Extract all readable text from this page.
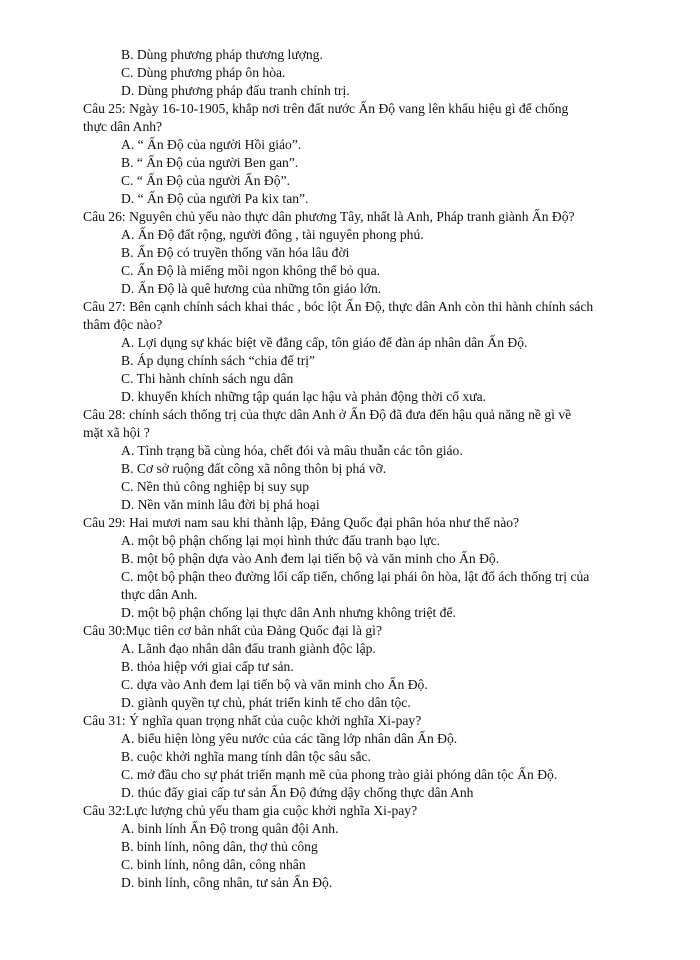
B. Dùng phương pháp thương lượng.
C. Dùng phương pháp ôn hòa.
D. Dùng phương pháp đấu tranh chính trị.
Câu 25: Ngày 16-10-1905, khắp nơi trên đất nước Ấn Độ vang lên khẩu hiệu gì để chống
thực dân Anh?
A. “ Ấn Độ của người Hồi giáo”.
B. “ Ấn Độ của người Ben gan”.
C. “ Ấn Độ của người Ấn Độ”.
D. “ Ấn Độ của người Pa kix tan”.
Câu 26: Nguyên chủ yếu nào thực dân phương Tây, nhất là Anh, Pháp tranh giành Ấn Độ?
A. Ấn Độ đất rộng, người đông , tài nguyên phong phú.
B. Ấn Độ có truyền thống văn hóa lâu đời
C. Ấn Độ là miếng mồi ngon không thể bỏ qua.
D. Ấn Độ là quê hương của những tôn giáo lớn.
Câu 27: Bên cạnh chính sách khai thác , bóc lột Ấn Độ, thực dân Anh còn thi hành chính sách
thâm độc nào?
A. Lợi dụng sự khác biệt về đẳng cấp, tôn giáo để đàn áp nhân dân Ấn Độ.
B. Áp dụng chính sách “chia để trị”
C. Thi hành chính sách ngu dân
D. khuyến khích những tập quán lạc hậu và phản động thời cổ xưa.
Câu 28: chính sách thống trị của thực dân Anh ở Ấn Độ đã đưa đến hậu quả năng nề gì về
mặt xã hội ?
A. Tình trạng bầ cùng hóa, chết đói và mâu thuẫn các tôn giáo.
B. Cơ sở ruộng đất công xã nông thôn bị phá vỡ.
C. Nền thủ công nghiệp bị suy sụp
D. Nền văn minh lâu đời bị phá hoại
Câu 29: Hai mươi nam sau khi thành lập, Đảng Quốc đại phân hóa như thế nào?
A. một bộ phận chống lại mọi hình thức đấu tranh bạo lực.
B. một bộ phận dựa vào Anh đem lại tiến bộ và văn minh cho Ấn Độ.
C. một bộ phận theo đường lối cấp tiến, chống lại phái ôn hòa, lật đổ ách thống trị của
thực dân Anh.
D. một bộ phận chống lại thực dân Anh nhưng không triệt để.
Câu 30:Mục tiên cơ bản nhất của Đảng Quốc đại là gì?
A. Lãnh đạo nhân dân đấu tranh giành độc lập.
B. thỏa hiệp với giai cấp tư sản.
C. dựa vào Anh đem lại tiến bộ và văn minh cho Ấn Độ.
D. giành quyền tự chủ, phát triển kinh tế cho dân tộc.
Câu 31: Ý nghĩa quan trọng nhất của cuộc khởi nghĩa Xi-pay?
A. biểu hiện lòng yêu nước của các tầng lớp nhân dân Ấn Độ.
B. cuộc khởi nghĩa mang tính dân tộc sâu sắc.
C. mở đầu cho sự phát triển mạnh mẽ của phong trào giải phóng dân tộc Ấn Độ.
D. thúc đẩy giai cấp tư sản Ấn Độ đứng dậy chống thực dân Anh
Câu 32:Lực lượng chủ yếu tham gia cuộc khởi nghĩa Xi-pay?
A. binh lính Ấn Độ trong quân đội Anh.
B. binh lính, nông dân, thợ thủ công
C. binh lính, nông dân, công nhân
D. binh lính, công nhân, tư sản Ấn Độ.
